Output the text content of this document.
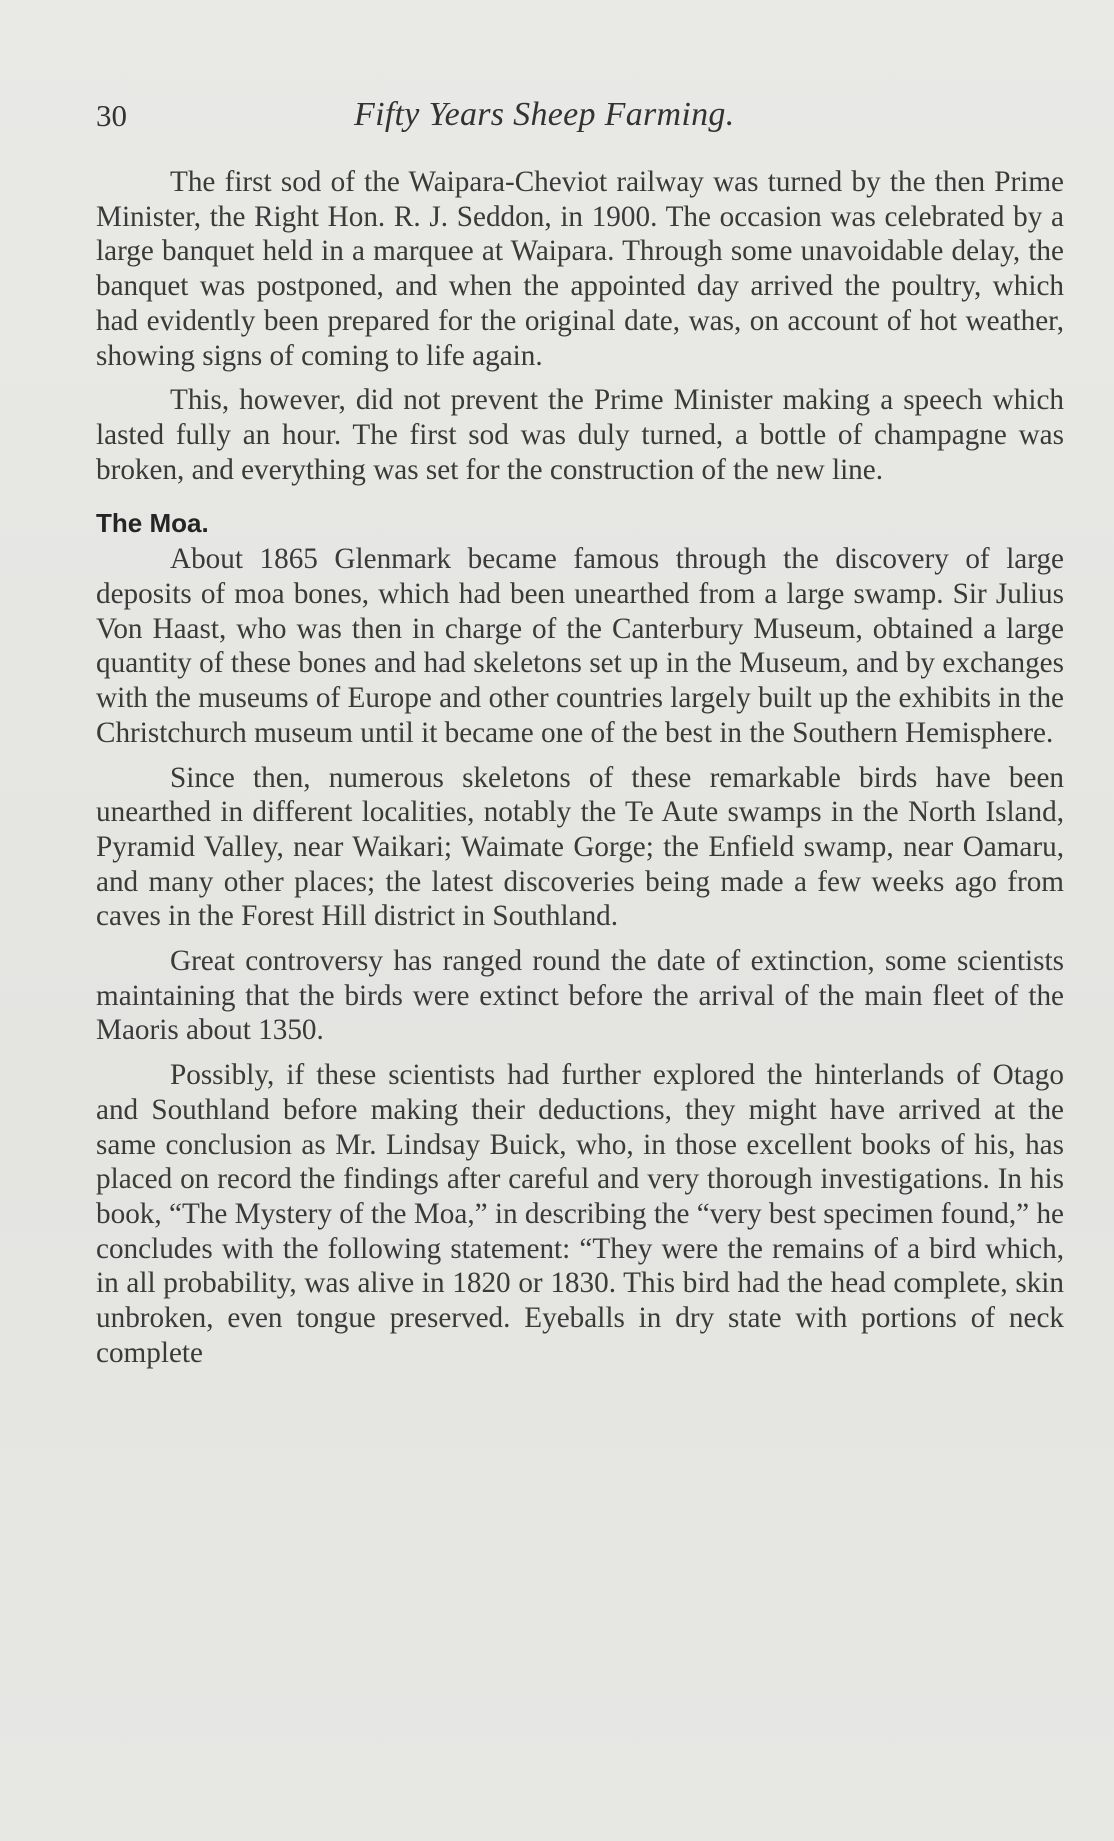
30	Fifty Years Sheep Farming.

The first sod of the Waipara-Cheviot railway was turned by the then Prime Minister, the Right Hon. R. J. Seddon, in 1900. The occasion was celebrated by a large banquet held in a marquee at Waipara. Through some unavoidable delay, the banquet was postponed, and when the appointed day arrived the poultry, which had evidently been prepared for the original date, was, on account of hot weather, showing signs of coming to life again.

This, however, did not prevent the Prime Minister making a speech which lasted fully an hour. The first sod was duly turned, a bottle of champagne was broken, and everything was set for the construction of the new line.

The Moa.

About 1865 Glenmark became famous through the discovery of large deposits of moa bones, which had been unearthed from a large swamp. Sir Julius Von Haast, who was then in charge of the Canterbury Museum, obtained a large quantity of these bones and had skeletons set up in the Museum, and by exchanges with the museums of Europe and other countries largely built up the exhibits in the Christchurch museum until it became one of the best in the Southern Hemisphere.

Since then, numerous skeletons of these remarkable birds have been unearthed in different localities, notably the Te Aute swamps in the North Island, Pyramid Valley, near Waikari; Waimate Gorge; the Enfield swamp, near Oamaru, and many other places; the latest discoveries being made a few weeks ago from caves in the Forest Hill district in Southland.

Great controversy has ranged round the date of extinction, some scientists maintaining that the birds were extinct before the arrival of the main fleet of the Maoris about 1350.

Possibly, if these scientists had further explored the hinterlands of Otago and Southland before making their deductions, they might have arrived at the same conclusion as Mr. Lindsay Buick, who, in those excellent books of his, has placed on record the findings after careful and very thorough investigations. In his book, “The Mystery of the Moa,” in describing the “very best specimen found,” he concludes with the following statement: “They were the remains of a bird which, in all probability, was alive in 1820 or 1830. This bird had the head complete, skin unbroken, even tongue preserved. Eyeballs in dry state with portions of neck complete
